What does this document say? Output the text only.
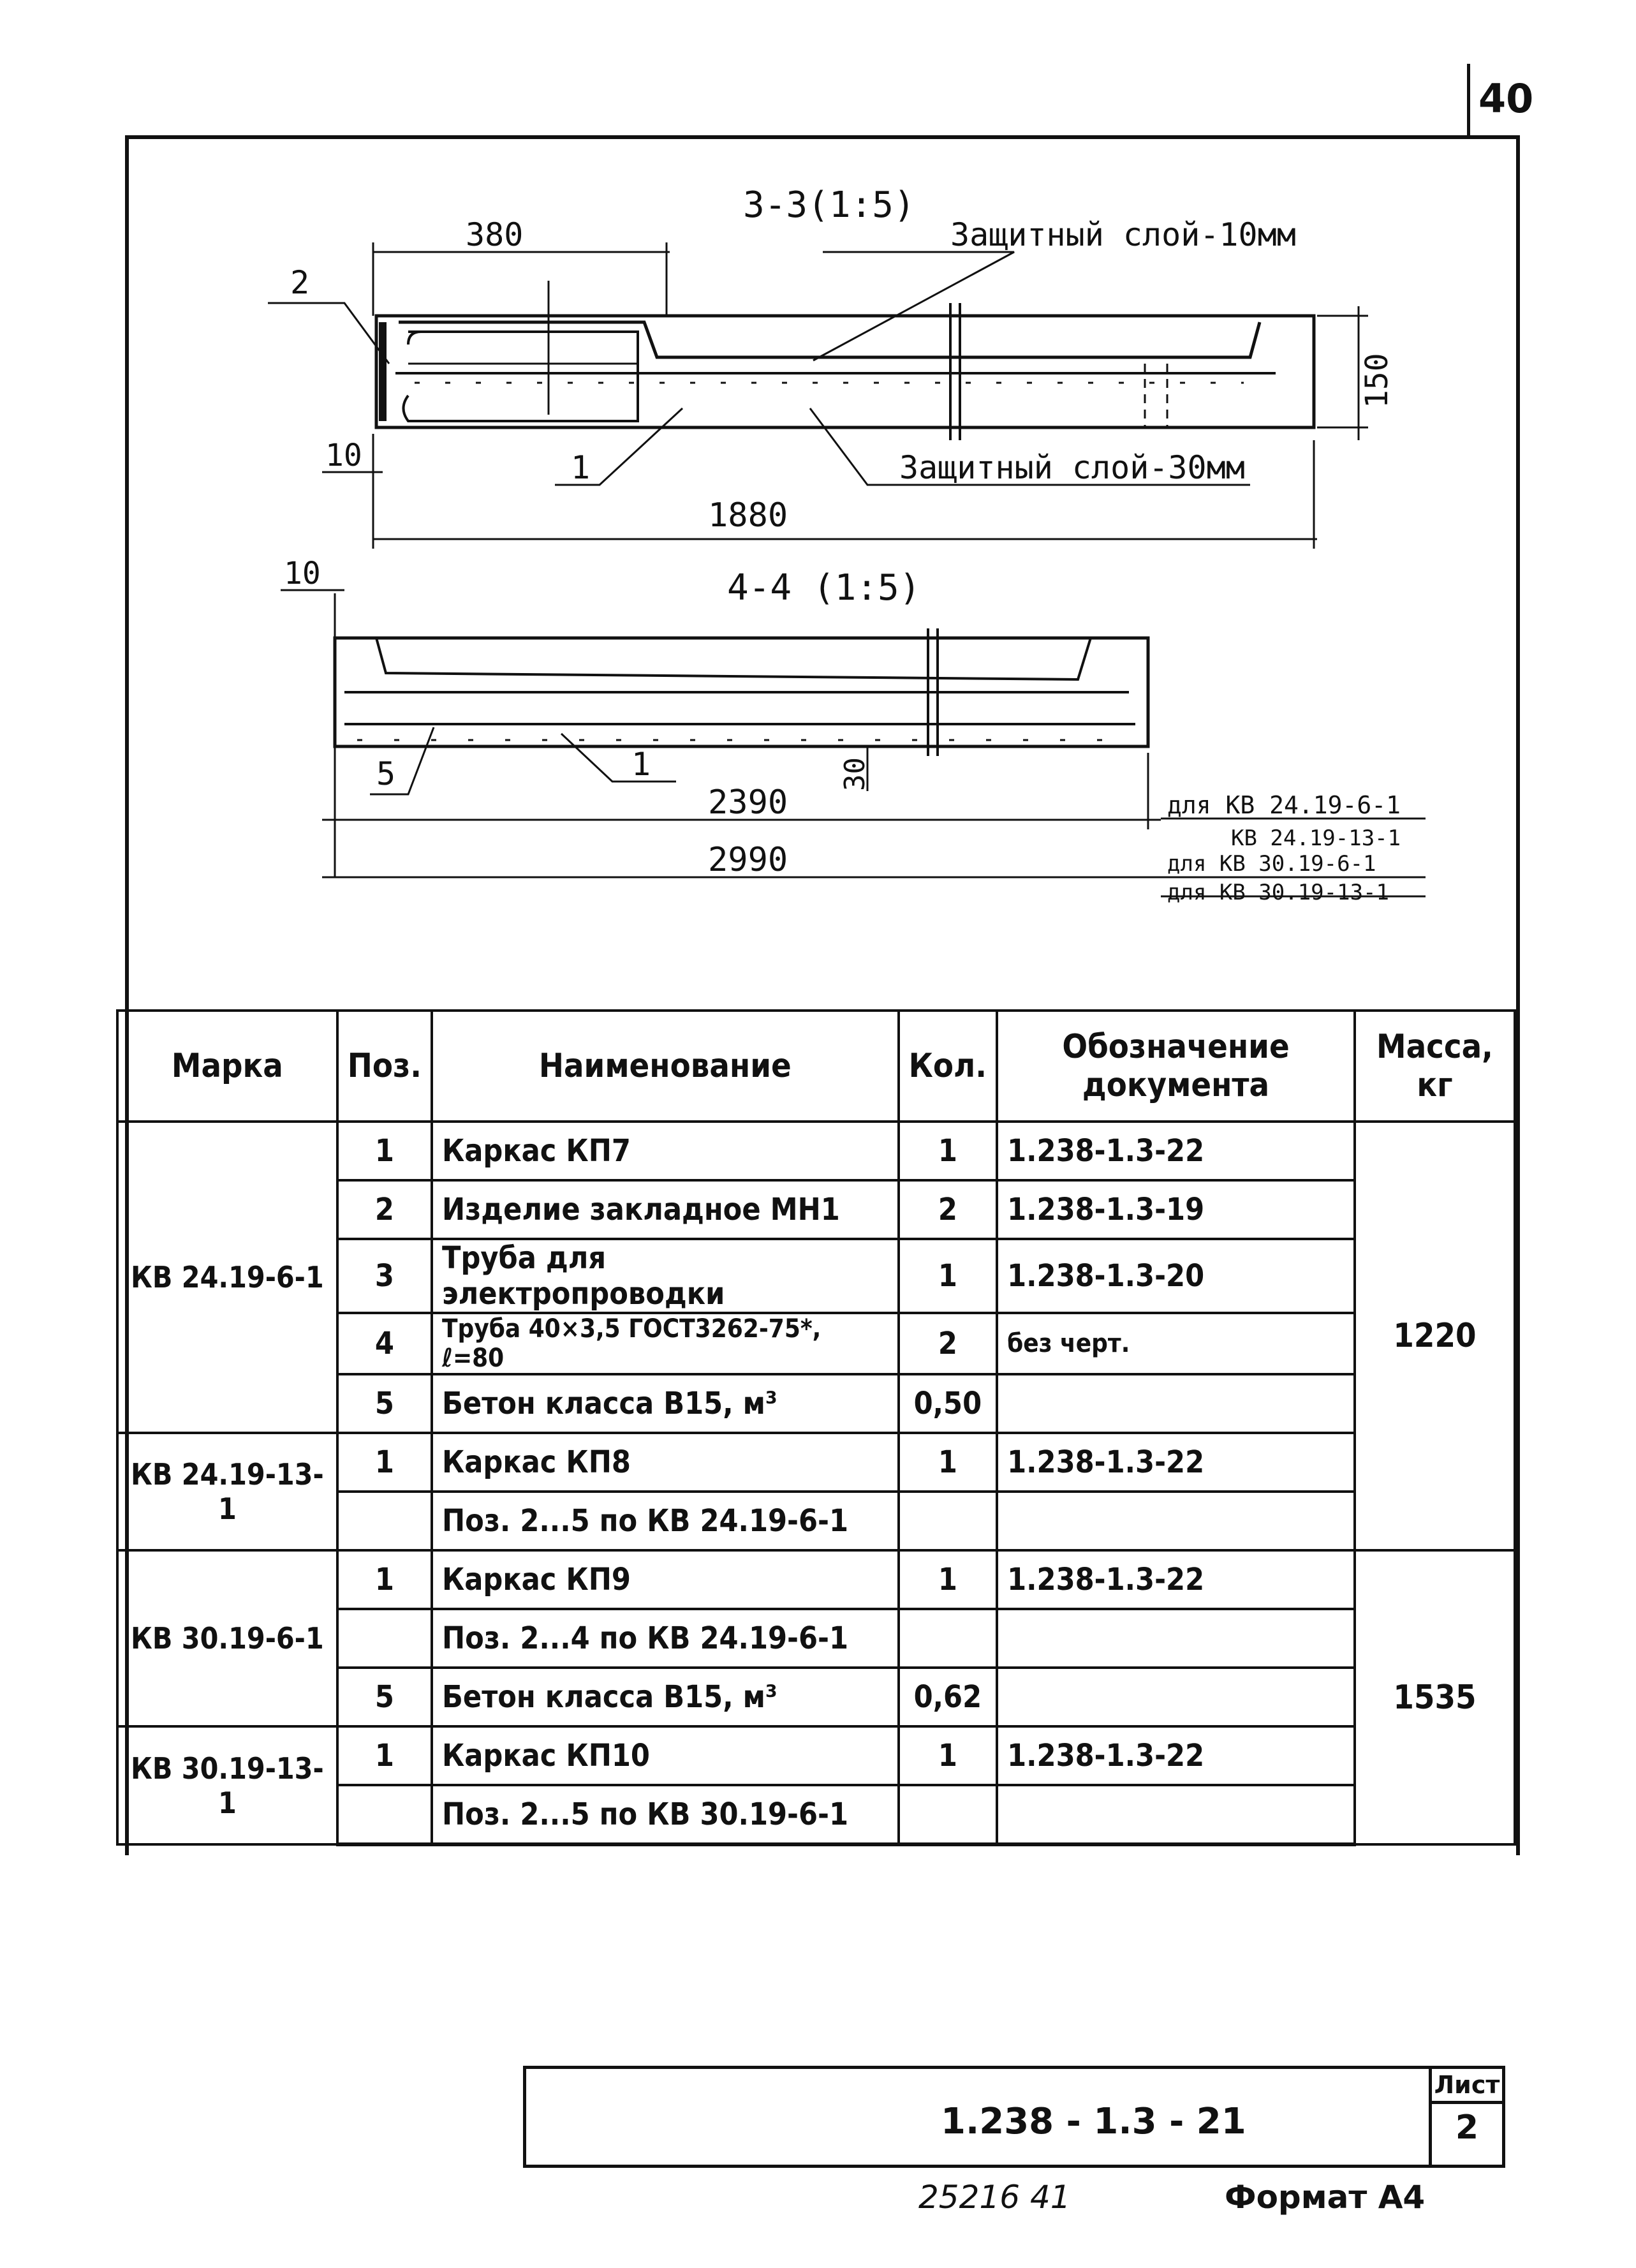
40
3-3(1:5)
Защитный слой-10мм
380
2
150
10	1	Защитный слой-30мм
1880
10	4-4 (1:5)
5	1	30
2390
2990
для КВ 24.19-6-1
КВ 24.19-13-1
для КВ 30.19-6-1
для КВ 30.19-13-1
Марка	Поз.	Наименование	Кол.	Обозначение документа	Масса, кг
КВ 24.19-6-1	1	Каркас КП7	1	1.238-1.3-22	1220
	2	Изделие закладное МН1	2	1.238-1.3-19	
	3	Труба для электропроводки	1	1.238-1.3-20	
	4	Труба 40×3,5 ГОСТ3262-75*, ℓ=80	2	без черт.	
	5	Бетон класса В15, м³	0,50		
КВ 24.19-13-1	1	Каркас КП8	1	1.238-1.3-22	
		Поз. 2...5 по КВ 24.19-6-1			
КВ 30.19-6-1	1	Каркас КП9	1	1.238-1.3-22	1535
		Поз. 2...4 по КВ 24.19-6-1			
	5	Бетон класса В15, м³	0,62		
КВ 30.19-13-1	1	Каркас КП10	1	1.238-1.3-22	
		Поз. 2...5 по КВ 30.19-6-1			
1.238 - 1.3 - 21
Лист
2
25216 41	Формат А4
